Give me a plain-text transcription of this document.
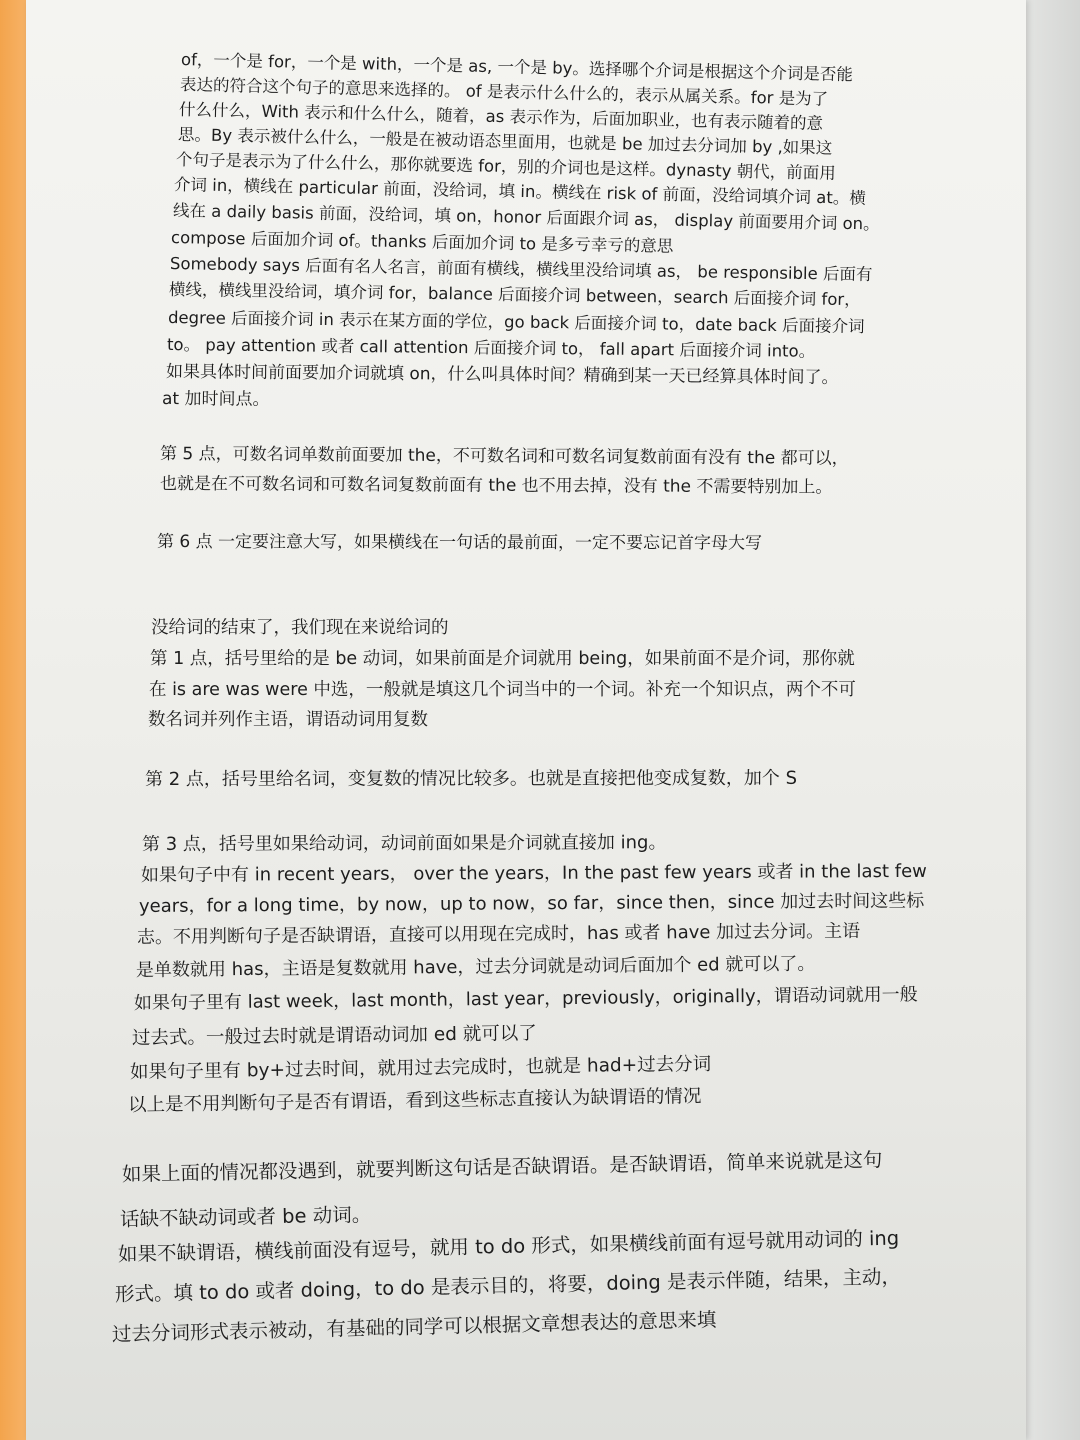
of，一个是 for，一个是 with，一个是 as, 一个是 by。选择哪个介词是根据这个介词是否能

表达的符合这个句子的意思来选择的。 of 是表示什么什么的，表示从属关系。for 是为了

什么什么，With 表示和什么什么，随着，as 表示作为，后面加职业，也有表示随着的意

思。By 表示被什么什么，一般是在被动语态里面用，也就是 be 加过去分词加 by ,如果这

个句子是表示为了什么什么，那你就要选 for，别的介词也是这样。dynasty 朝代，前面用

介词 in，横线在 particular 前面，没给词，填 in。横线在 risk of 前面，没给词填介词 at。横

线在 a daily basis 前面，没给词，填 on，honor 后面跟介词 as， display 前面要用介词 on。

compose 后面加介词 of。thanks 后面加介词 to 是多亏幸亏的意思

Somebody says 后面有名人名言，前面有横线，横线里没给词填 as， be responsible 后面有

横线，横线里没给词，填介词 for，balance 后面接介词 between，search 后面接介词 for，

degree 后面接介词 in 表示在某方面的学位，go back 后面接介词 to，date back 后面接介词

to。 pay attention 或者 call attention 后面接介词 to， fall apart 后面接介词 into。

如果具体时间前面要加介词就填 on，什么叫具体时间？精确到某一天已经算具体时间了。

at 加时间点。

第 5 点，可数名词单数前面要加 the，不可数名词和可数名词复数前面有没有 the 都可以，

也就是在不可数名词和可数名词复数前面有 the 也不用去掉，没有 the 不需要特别加上。

第 6 点 一定要注意大写，如果横线在一句话的最前面，一定不要忘记首字母大写

没给词的结束了，我们现在来说给词的

第 1 点，括号里给的是 be 动词，如果前面是介词就用 being，如果前面不是介词，那你就

在 is are was were 中选，一般就是填这几个词当中的一个词。补充一个知识点，两个不可

数名词并列作主语，谓语动词用复数

第 2 点，括号里给名词，变复数的情况比较多。也就是直接把他变成复数，加个 S

第 3 点，括号里如果给动词，动词前面如果是介词就直接加 ing。

如果句子中有 in recent years， over the years，In the past few years 或者 in the last few

years，for a long time，by now，up to now，so far，since then，since 加过去时间这些标

志。不用判断句子是否缺谓语，直接可以用现在完成时，has 或者 have 加过去分词。主语

是单数就用 has，主语是复数就用 have，过去分词就是动词后面加个 ed 就可以了。

如果句子里有 last week，last month，last year，previously，originally，谓语动词就用一般

过去式。一般过去时就是谓语动词加 ed 就可以了

如果句子里有 by+过去时间，就用过去完成时，也就是 had+过去分词

以上是不用判断句子是否有谓语，看到这些标志直接认为缺谓语的情况

如果上面的情况都没遇到，就要判断这句话是否缺谓语。是否缺谓语，简单来说就是这句

话缺不缺动词或者 be 动词。

如果不缺谓语，横线前面没有逗号，就用 to do 形式，如果横线前面有逗号就用动词的 ing

形式。填 to do 或者 doing，to do 是表示目的，将要，doing 是表示伴随，结果，主动，

过去分词形式表示被动，有基础的同学可以根据文章想表达的意思来填
